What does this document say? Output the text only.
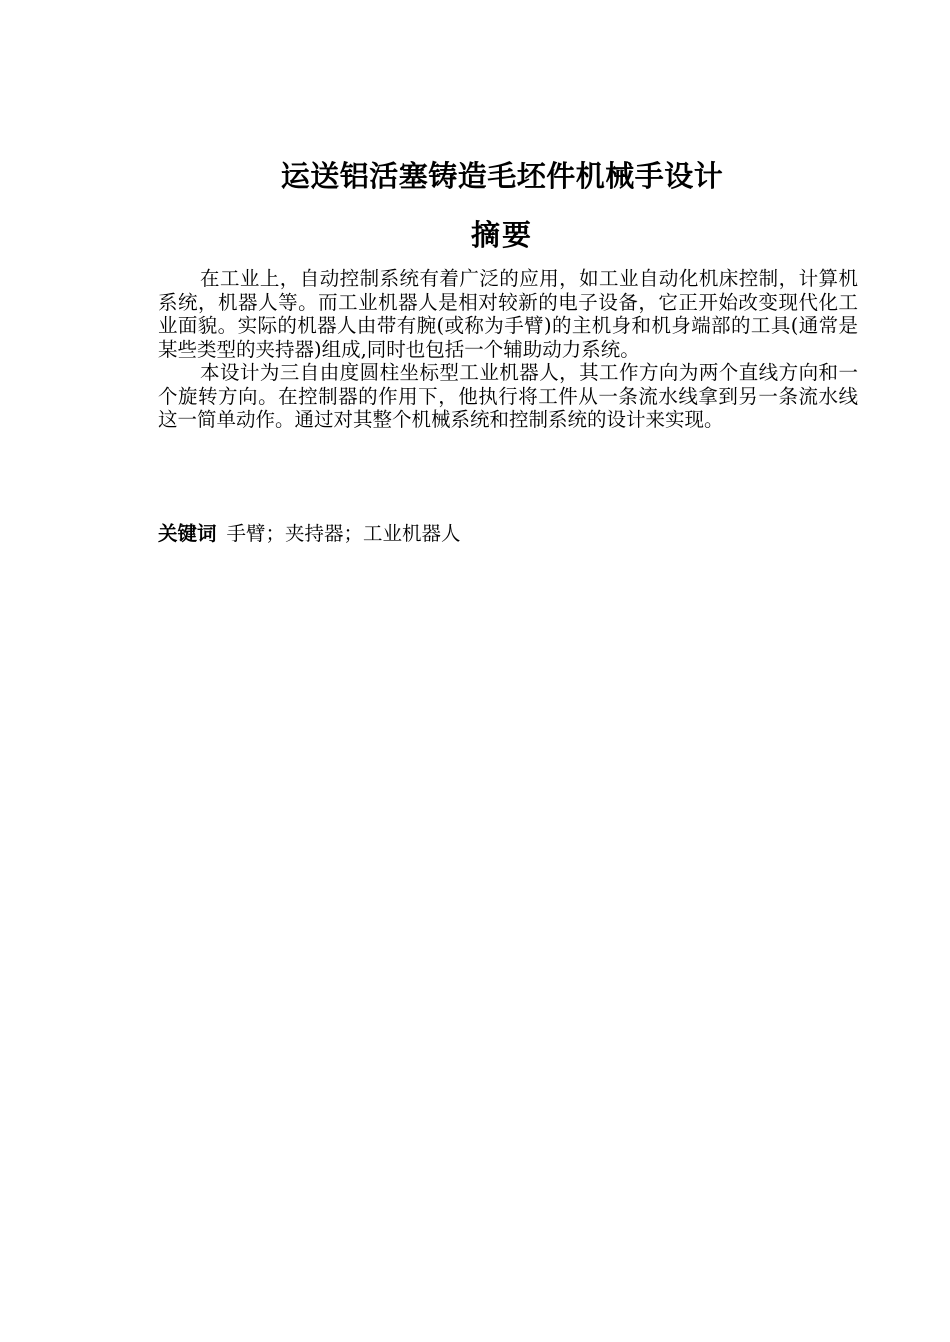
运送铝活塞铸造毛坯件机械手设计
摘要

在工业上，自动控制系统有着广泛的应用，如工业自动化机床控制，计算机系统，机器人等。而工业机器人是相对较新的电子设备，它正开始改变现代化工业面貌。实际的机器人由带有腕(或称为手臂)的主机身和机身端部的工具(通常是某些类型的夹持器)组成,同时也包括一个辅助动力系统。

本设计为三自由度圆柱坐标型工业机器人，其工作方向为两个直线方向和一个旋转方向。在控制器的作用下，他执行将工件从一条流水线拿到另一条流水线这一简单动作。通过对其整个机械系统和控制系统的设计来实现。

关键词 手臂；夹持器；工业机器人
